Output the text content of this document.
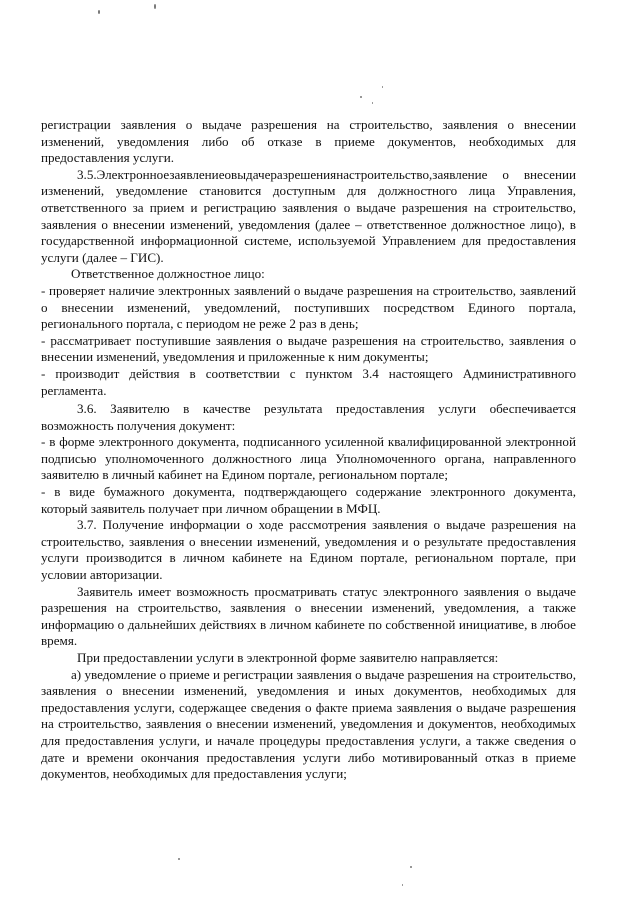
регистрации заявления о выдаче разрешения на строительство, заявления о внесении изменений, уведомления либо об отказе в приеме документов, необходимых для предоставления услуги.

3.5.Электронноезаявлениеовыдачеразрешениянастроительство,заявление о внесении изменений, уведомление становится доступным для должностного лица Управления, ответственного за прием и регистрацию заявления о выдаче разрешения на строительство, заявления о внесении изменений, уведомления (далее – ответственное должностное лицо), в государственной информационной системе, используемой Управлением для предоставления услуги (далее – ГИС).

Ответственное должностное лицо:

- проверяет наличие электронных заявлений о выдаче разрешения на строительство, заявлений о внесении изменений, уведомлений, поступивших посредством Единого портала, регионального портала, с периодом не реже 2 раз в день;

- рассматривает поступившие заявления о выдаче разрешения на строительство, заявления о внесении изменений, уведомления и приложенные к ним документы;

- производит действия в соответствии с пунктом 3.4 настоящего Административного регламента.

3.6. Заявителю в качестве результата предоставления услуги обеспечивается возможность получения документ:

- в форме электронного документа, подписанного усиленной квалифицированной электронной подписью уполномоченного должностного лица Уполномоченного органа, направленного заявителю в личный кабинет на Едином портале, региональном портале;

- в виде бумажного документа, подтверждающего содержание электронного документа, который заявитель получает при личном обращении в МФЦ.

3.7. Получение информации о ходе рассмотрения заявления о выдаче разрешения на строительство, заявления о внесении изменений, уведомления и о результате предоставления услуги производится в личном кабинете на Едином портале, региональном портале, при условии авторизации.

Заявитель имеет возможность просматривать статус электронного заявления о выдаче разрешения на строительство, заявления о внесении изменений, уведомления, а также информацию о дальнейших действиях в личном кабинете по собственной инициативе, в любое время.

При предоставлении услуги в электронной форме заявителю направляется:

а) уведомление о приеме и регистрации заявления о выдаче разрешения на строительство, заявления о внесении изменений, уведомления и иных документов, необходимых для предоставления услуги, содержащее сведения о факте приема заявления о выдаче разрешения на строительство, заявления о внесении изменений, уведомления и документов, необходимых для предоставления услуги, и начале процедуры предоставления услуги, а также сведения о дате и времени окончания предоставления услуги либо мотивированный отказ в приеме документов, необходимых для предоставления услуги;
